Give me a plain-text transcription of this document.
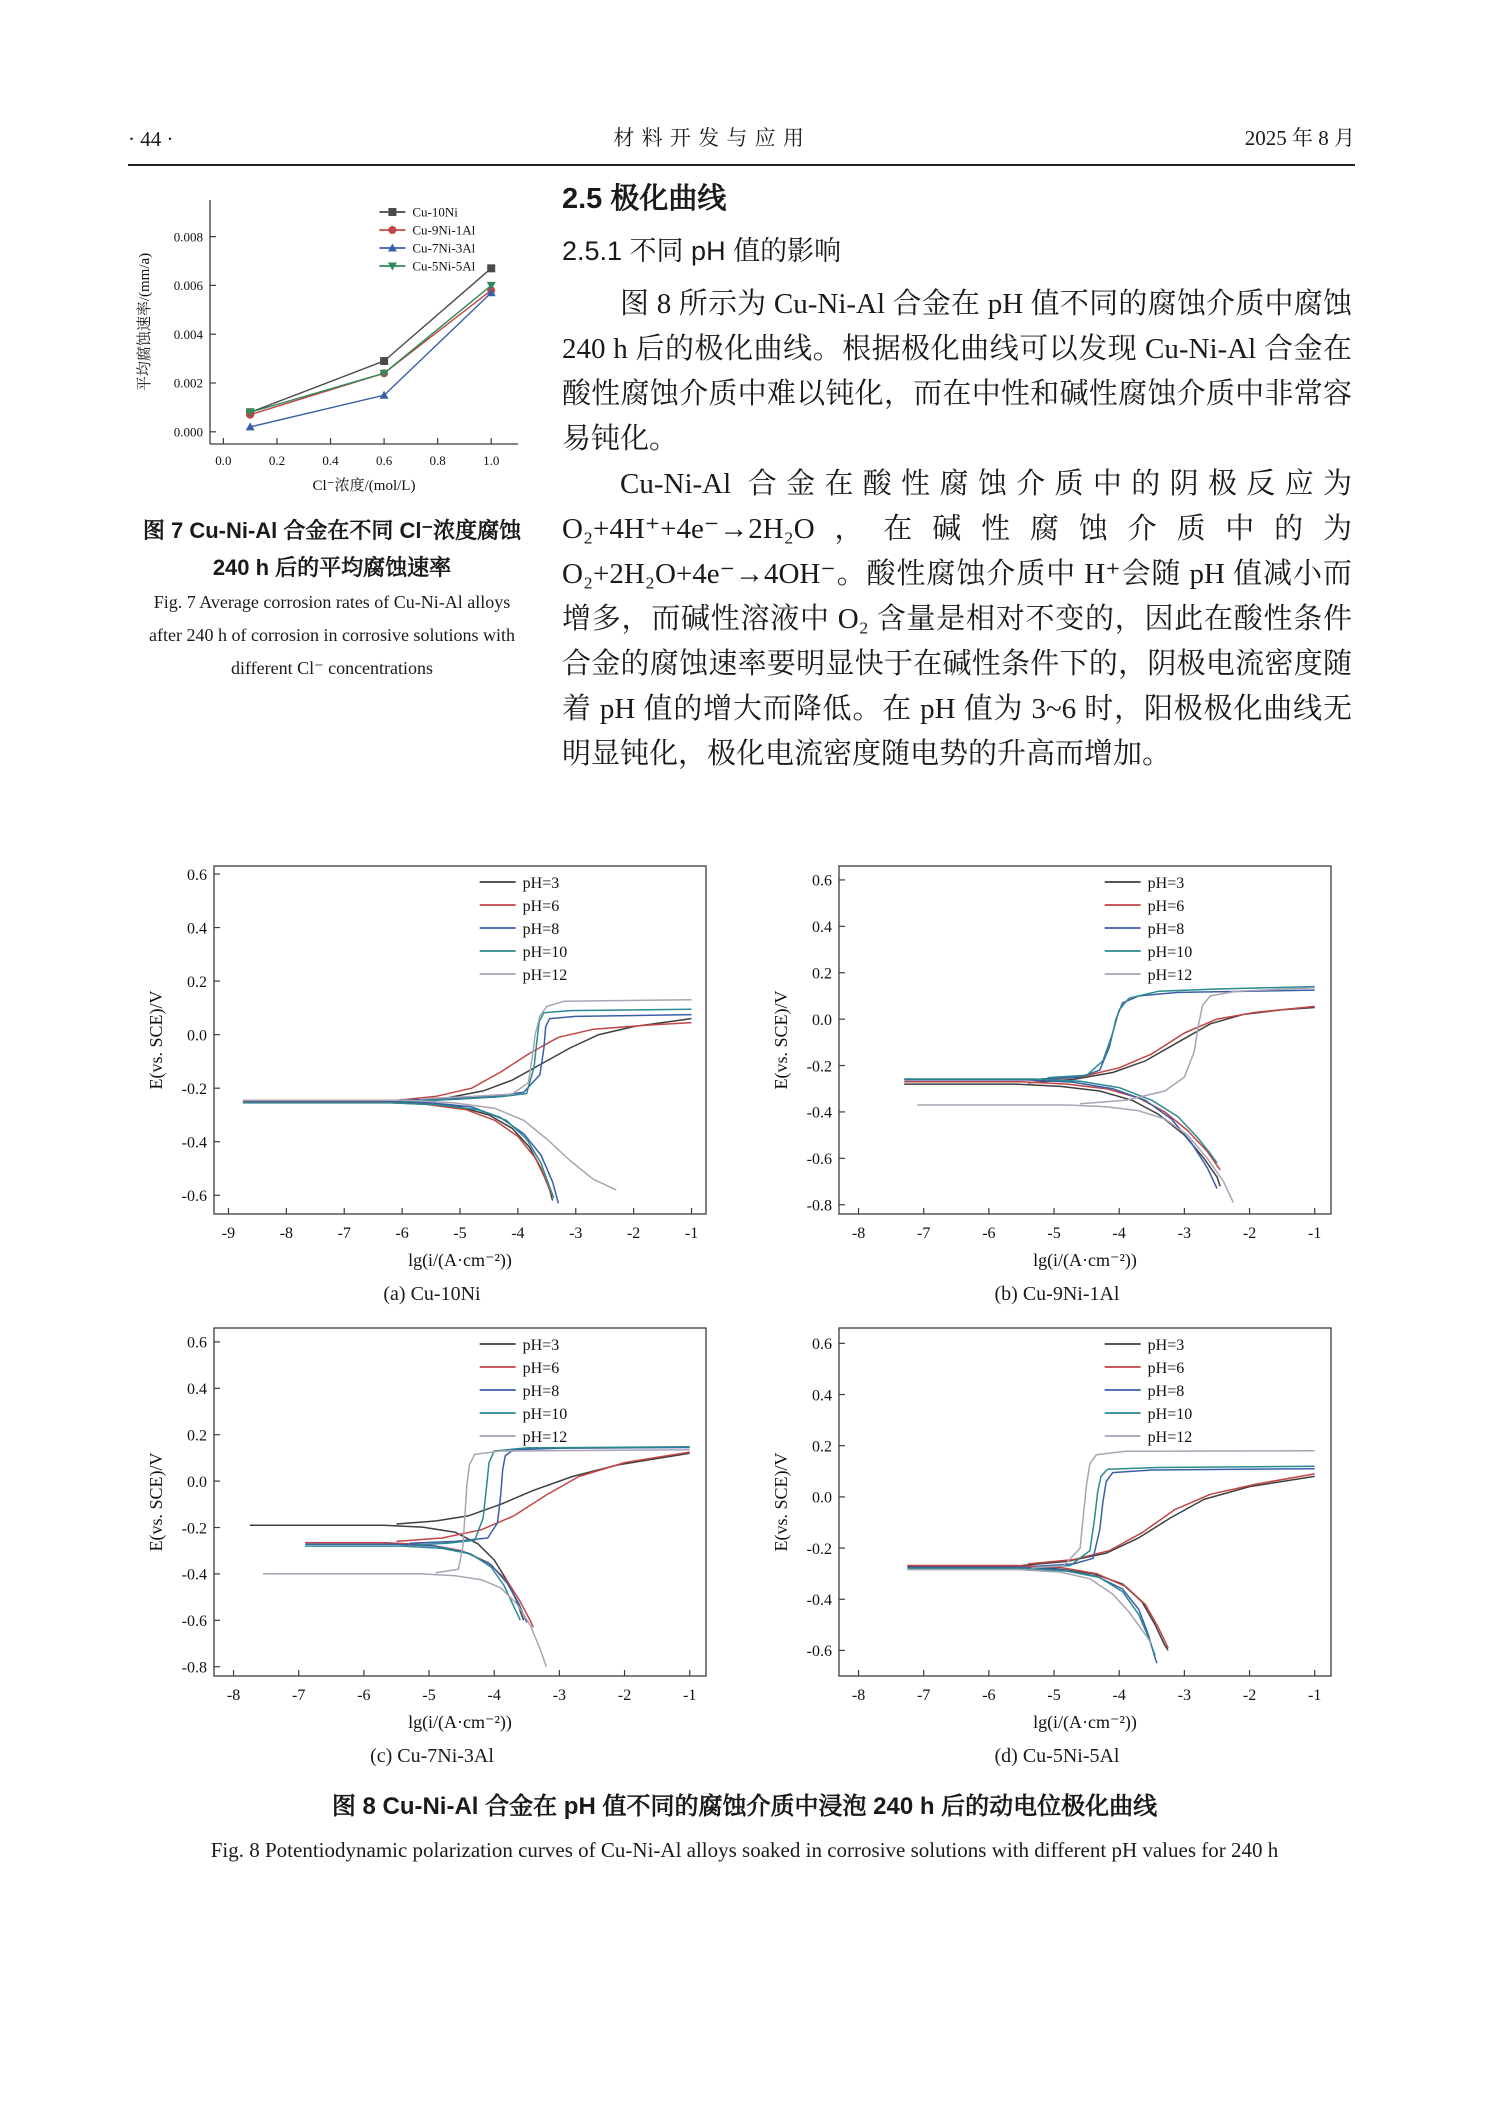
· 44 ·	材 料 开 发 与 应 用	2025 年 8 月
0.0	0.2	0.4	0.6	0.8	1.0
0.000
0.002
0.004
0.006
0.008
Cl⁻浓度/(mol/L)
平均腐蚀速率/(mm/a)
Cu-10Ni
Cu-9Ni-1Al
Cu-7Ni-3Al
Cu-5Ni-5Al
图 7 Cu-Ni-Al 合金在不同 Cl⁻浓度腐蚀
240 h 后的平均腐蚀速率
Fig. 7 Average corrosion rates of Cu-Ni-Al alloys
after 240 h of corrosion in corrosive solutions with
different Cl⁻ concentrations
2.5 极化曲线
2.5.1 不同 pH 值的影响

图 8 所示为 Cu-Ni-Al 合金在 pH 值不同的腐蚀介质中腐蚀 240 h 后的极化曲线。根据极化曲线可以发现 Cu-Ni-Al 合金在酸性腐蚀介质中难以钝化，而在中性和碱性腐蚀介质中非常容易钝化。

Cu-Ni-Al 合金在酸性腐蚀介质中的阴极反应为 O₂+4H⁺+4e⁻→2H₂O，在碱性腐蚀介质中的为 O₂+2H₂O+4e⁻→4OH⁻。酸性腐蚀介质中 H⁺会随 pH 值减小而增多，而碱性溶液中 O₂ 含量是相对不变的，因此在酸性条件合金的腐蚀速率要明显快于在碱性条件下的，阴极电流密度随着 pH 值的增大而降低。在 pH 值为 3~6 时，阳极极化曲线无明显钝化，极化电流密度随电势的升高而增加。

-9	-8	-7	-6	-5	-4	-3	-2	-1
0.6
0.4
0.2
0.0
-0.2
-0.4
-0.6
lg(i/(A·cm⁻²))
E(vs. SCE)/V
pH=3
pH=6
pH=8
pH=10
pH=12
(a) Cu-10Ni
-8	-7	-6	-5	-4	-3	-2	-1
0.6
0.4
0.2
0.0
-0.2
-0.4
-0.6
-0.8
lg(i/(A·cm⁻²))
E(vs. SCE)/V
pH=3
pH=6
pH=8
pH=10
pH=12
(b) Cu-9Ni-1Al
-8	-7	-6	-5	-4	-3	-2	-1
0.6
0.4
0.2
0.0
-0.2
-0.4
-0.6
-0.8
lg(i/(A·cm⁻²))
E(vs. SCE)/V
pH=3
pH=6
pH=8
pH=10
pH=12
(c) Cu-7Ni-3Al
-8	-7	-6	-5	-4	-3	-2	-1
0.6
0.4
0.2
0.0
-0.2
-0.4
-0.6
lg(i/(A·cm⁻²))
E(vs. SCE)/V
pH=3
pH=6
pH=8
pH=10
pH=12
(d) Cu-5Ni-5Al
图 8 Cu-Ni-Al 合金在 pH 值不同的腐蚀介质中浸泡 240 h 后的动电位极化曲线
Fig. 8 Potentiodynamic polarization curves of Cu-Ni-Al alloys soaked in corrosive solutions with different pH values for 240 h
